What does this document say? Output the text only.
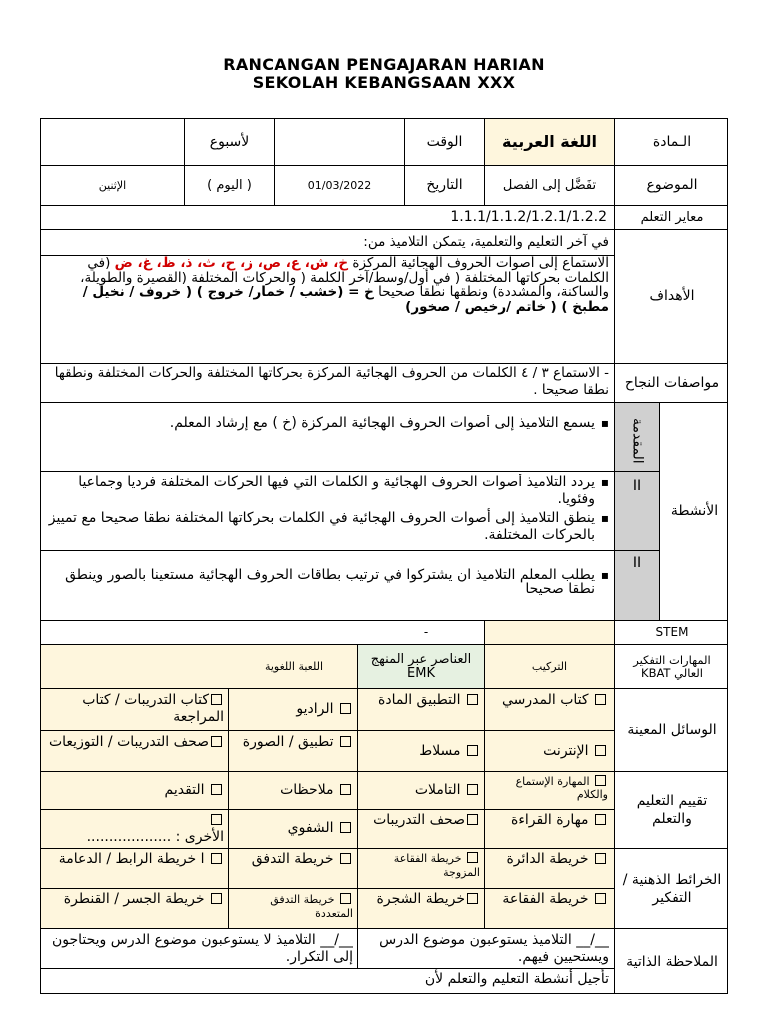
RANCANGAN PENGAJARAN HARIAN
SEKOLAH KEBANGSAAN XXX
الـمادة
اللغة العربية
الوقت
لأسبوع
الموضوع
تفَضَّل إلى الفصل
التاريخ
01/03/2022
( اليوم )
الإثنين
معاير التعلم
1.1.1/1.1.2/1.2.1/1.2.2
الأهداف
في آخر التعليم والتعلمية، يتمكن التلاميذ من:
الاستماع إلى أصوات الحروف الهجائية المركزة خ، ش، ع، ص، ز، ح، ث، ذ، ظ، غ، ض (في الكلمات بحركاتها المختلفة ( في أول/وسط/آخر الكلمة ( والحركات المختلفة (القصيرة والطويلة، والساكنة، والمشددة) ونطقها نطقا صحيحا خ = (خشب / خمار/ خروج ) ( خروف / نخيل / مطبخ ) ( خاتم /رخيص / صخور)
مواصفات النجاح
- الاستماع ٣ / ٤ الكلمات من الحروف الهجائية المركزة بحركاتها المختلفة والحركات المختلفة ونطقها نطقا صحيحا .
الأنشطة
المقدمة
II
II
▪ يسمع التلاميذ إلى أصوات الحروف الهجائية المركزة (خ ) مع إرشاد المعلم.
▪ يردد التلاميذ أصوات الحروف الهجائية و الكلمات التي فيها الحركات المختلفة فرديا وجماعيا وفئويا.
▪ ينطق التلاميذ إلى أصوات الحروف الهجائية في الكلمات بحركاتها المختلفة نطقا صحيحا مع تمييز بالحركات المختلفة.
▪ يطلب المعلم التلاميذ أن يشتركوا في ترتيب بطاقات الحروف الهجائية مستعينا بالصور وينطق نطقا صحيحا
STEM
-
المهارات التفكير العالي KBAT
التركيب
العناصر عبر المنهج EMK
اللعبة اللغوية
الوسائل المعينة
كتاب المدرسي
التطبيق المادة
الراديو
كتاب التدريبات / كتاب المراجعة
الإنترنت
مسلاط
تطبيق / الصورة
صحف التدريبات / التوزيعات
تقييم التعليم والتعلم
المهارة الإستماع والكلام
التاملات
ملاحظات
التقديم
مهارة القراءة
صحف التدريبات
الشفوي

الأخرى : ...................
الخرائط الذهنية / التفكير
خريطة الدائرة
خريطة الفقاعة المزوجة
خريطة التدفق
ا خريطة الرابط / الدعامة
خريطة الفقاعة
خريطة الشجرة
خريطة التدفق المتعددة
خريطة الجسر / القنطرة
الملاحظة الذاتية
__/__ التلاميذ يستوعبون موضوع الدرس ويستحيين فيهم.
__/__ التلاميذ لا يستوعبون موضوع الدرس ويحتاجون إلى التكرار.
تأجيل أنشطة التعليم والتعلم لأن
